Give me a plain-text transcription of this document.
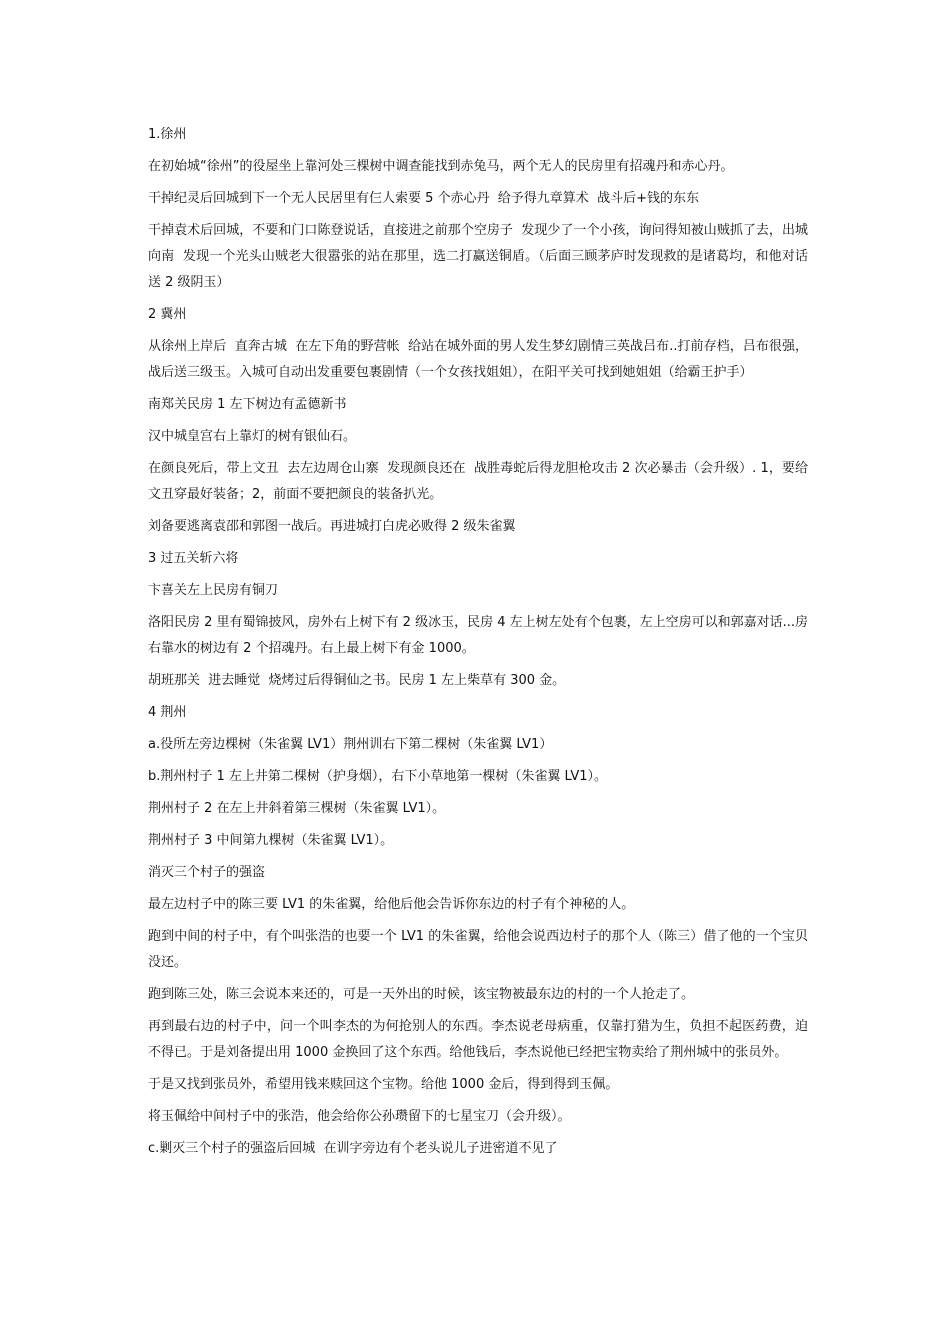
1.徐州

在初始城“徐州”的役屋坐上靠河处三棵树中调查能找到赤兔马，两个无人的民房里有招魂丹和赤心丹。

干掉纪灵后回城到下一个无人民居里有仨人索要 5 个赤心丹  给予得九章算术  战斗后+钱的东东

干掉袁术后回城，不要和门口陈登说话，直接进之前那个空房子  发现少了一个小孩，询问得知被山贼抓了去，出城向南  发现一个光头山贼老大很嚣张的站在那里，选二打赢送铜盾。（后面三顾茅庐时发现救的是诸葛均，和他对话送 2 级阴玉）

2 冀州

从徐州上岸后  直奔古城  在左下角的野营帐  给站在城外面的男人发生梦幻剧情三英战吕布..打前存档，吕布很强，战后送三级玉。入城可自动出发重要包裹剧情（一个女孩找姐姐），在阳平关可找到她姐姐（给霸王护手）

南郑关民房 1 左下树边有孟德新书

汉中城皇宫右上靠灯的树有银仙石。

在颜良死后，带上文丑  去左边周仓山寨  发现颜良还在  战胜毒蛇后得龙胆枪攻击 2 次必暴击（会升级）. 1，要给文丑穿最好装备；2，前面不要把颜良的装备扒光。

刘备要逃离袁邵和郭图一战后。再进城打白虎必败得 2 级朱雀翼

3 过五关斩六将

卞喜关左上民房有铜刀

洛阳民房 2 里有蜀锦披风，房外右上树下有 2 级冰玉，民房 4 左上树左处有个包裹，左上空房可以和郭嘉对话...房右靠水的树边有 2 个招魂丹。右上最上树下有金 1000。

胡班那关  进去睡觉  烧烤过后得铜仙之书。民房 1 左上柴草有 300 金。

4 荆州

a.役所左旁边棵树（朱雀翼 LV1）荆州训右下第二棵树（朱雀翼 LV1）

b.荆州村子 1 左上井第二棵树（护身烟），右下小草地第一棵树（朱雀翼 LV1）。

荆州村子 2 在左上井斜着第三棵树（朱雀翼 LV1）。

荆州村子 3 中间第九棵树（朱雀翼 LV1）。

消灭三个村子的强盗

最左边村子中的陈三要 LV1 的朱雀翼，给他后他会告诉你东边的村子有个神秘的人。

跑到中间的村子中，有个叫张浩的也要一个 LV1 的朱雀翼，给他会说西边村子的那个人（陈三）借了他的一个宝贝没还。

跑到陈三处，陈三会说本来还的，可是一天外出的时候，该宝物被最东边的村的一个人抢走了。

再到最右边的村子中，问一个叫李杰的为何抢别人的东西。李杰说老母病重，仅靠打猎为生，负担不起医药费，迫不得已。于是刘备提出用 1000 金换回了这个东西。给他钱后，李杰说他已经把宝物卖给了荆州城中的张员外。

于是又找到张员外，希望用钱来赎回这个宝物。给他 1000 金后，得到得到玉佩。

将玉佩给中间村子中的张浩，他会给你公孙瓒留下的七星宝刀（会升级）。

c.剿灭三个村子的强盗后回城  在训字旁边有个老头说儿子进密道不见了
